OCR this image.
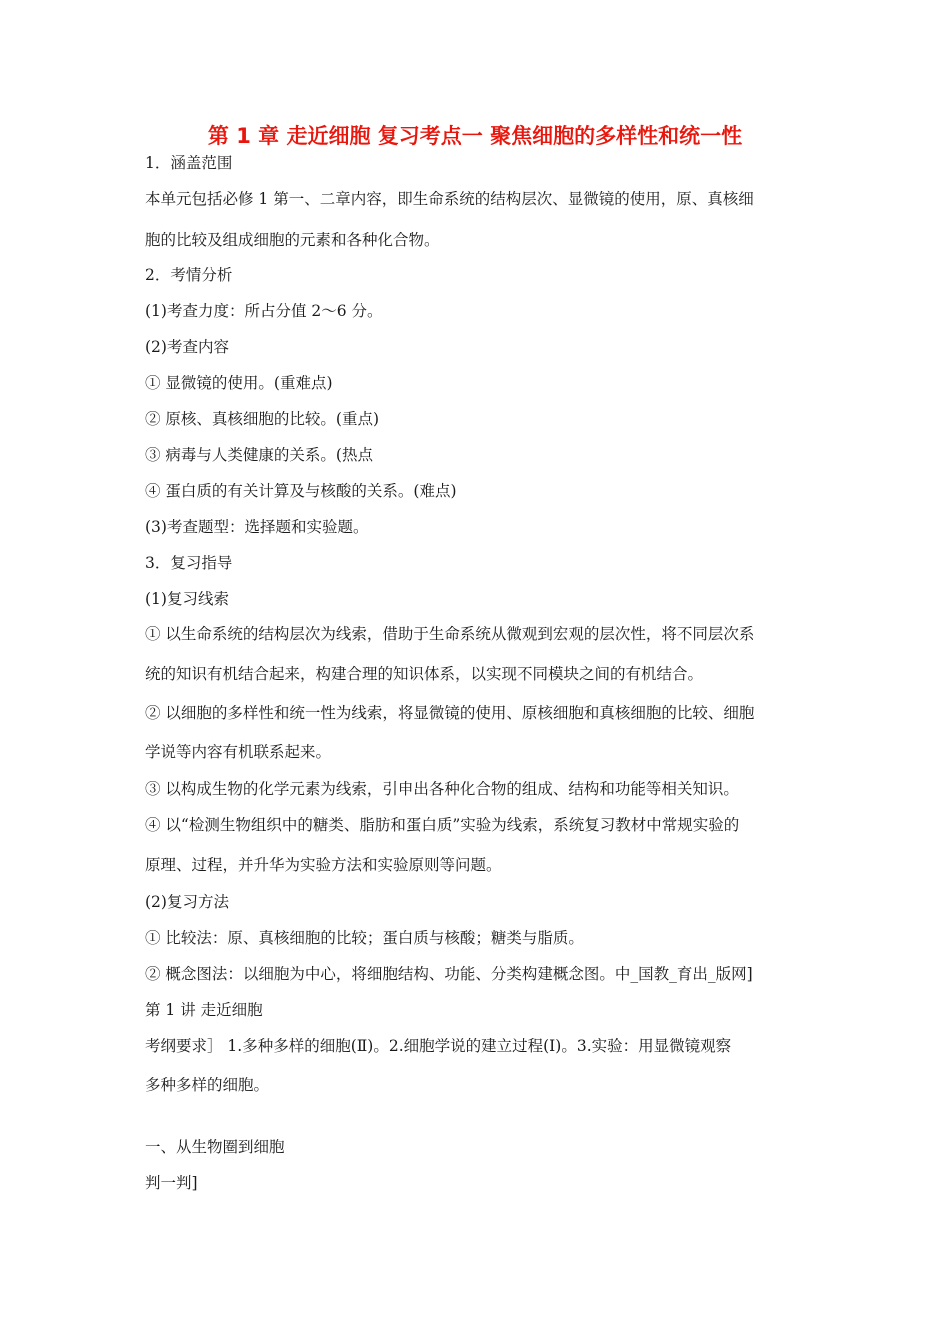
第 1 章 走近细胞 复习考点一 聚焦细胞的多样性和统一性
1．涵盖范围
本单元包括必修 1 第一、二章内容，即生命系统的结构层次、显微镜的使用，原、真核细
胞的比较及组成细胞的元素和各种化合物。
2．考情分析
(1)考查力度：所占分值 2～6 分。
(2)考查内容
① 显微镜的使用。(重难点)
② 原核、真核细胞的比较。(重点)
③ 病毒与人类健康的关系。(热点
④ 蛋白质的有关计算及与核酸的关系。(难点)
(3)考查题型：选择题和实验题。
3．复习指导
(1)复习线索
① 以生命系统的结构层次为线索，借助于生命系统从微观到宏观的层次性，将不同层次系
统的知识有机结合起来，构建合理的知识体系，以实现不同模块之间的有机结合。
② 以细胞的多样性和统一性为线索，将显微镜的使用、原核细胞和真核细胞的比较、细胞
学说等内容有机联系起来。
③ 以构成生物的化学元素为线索，引申出各种化合物的组成、结构和功能等相关知识。
④ 以“检测生物组织中的糖类、脂肪和蛋白质”实验为线索，系统复习教材中常规实验的
原理、过程，并升华为实验方法和实验原则等问题。
(2)复习方法
① 比较法：原、真核细胞的比较；蛋白质与核酸；糖类与脂质。
② 概念图法：以细胞为中心，将细胞结构、功能、分类构建概念图。中_国教_育出_版网]
第 1 讲 走近细胞
考纲要求］ 1.多种多样的细胞(Ⅱ)。2.细胞学说的建立过程(Ⅰ)。3.实验：用显微镜观察
多种多样的细胞。
一、从生物圈到细胞
判一判]
